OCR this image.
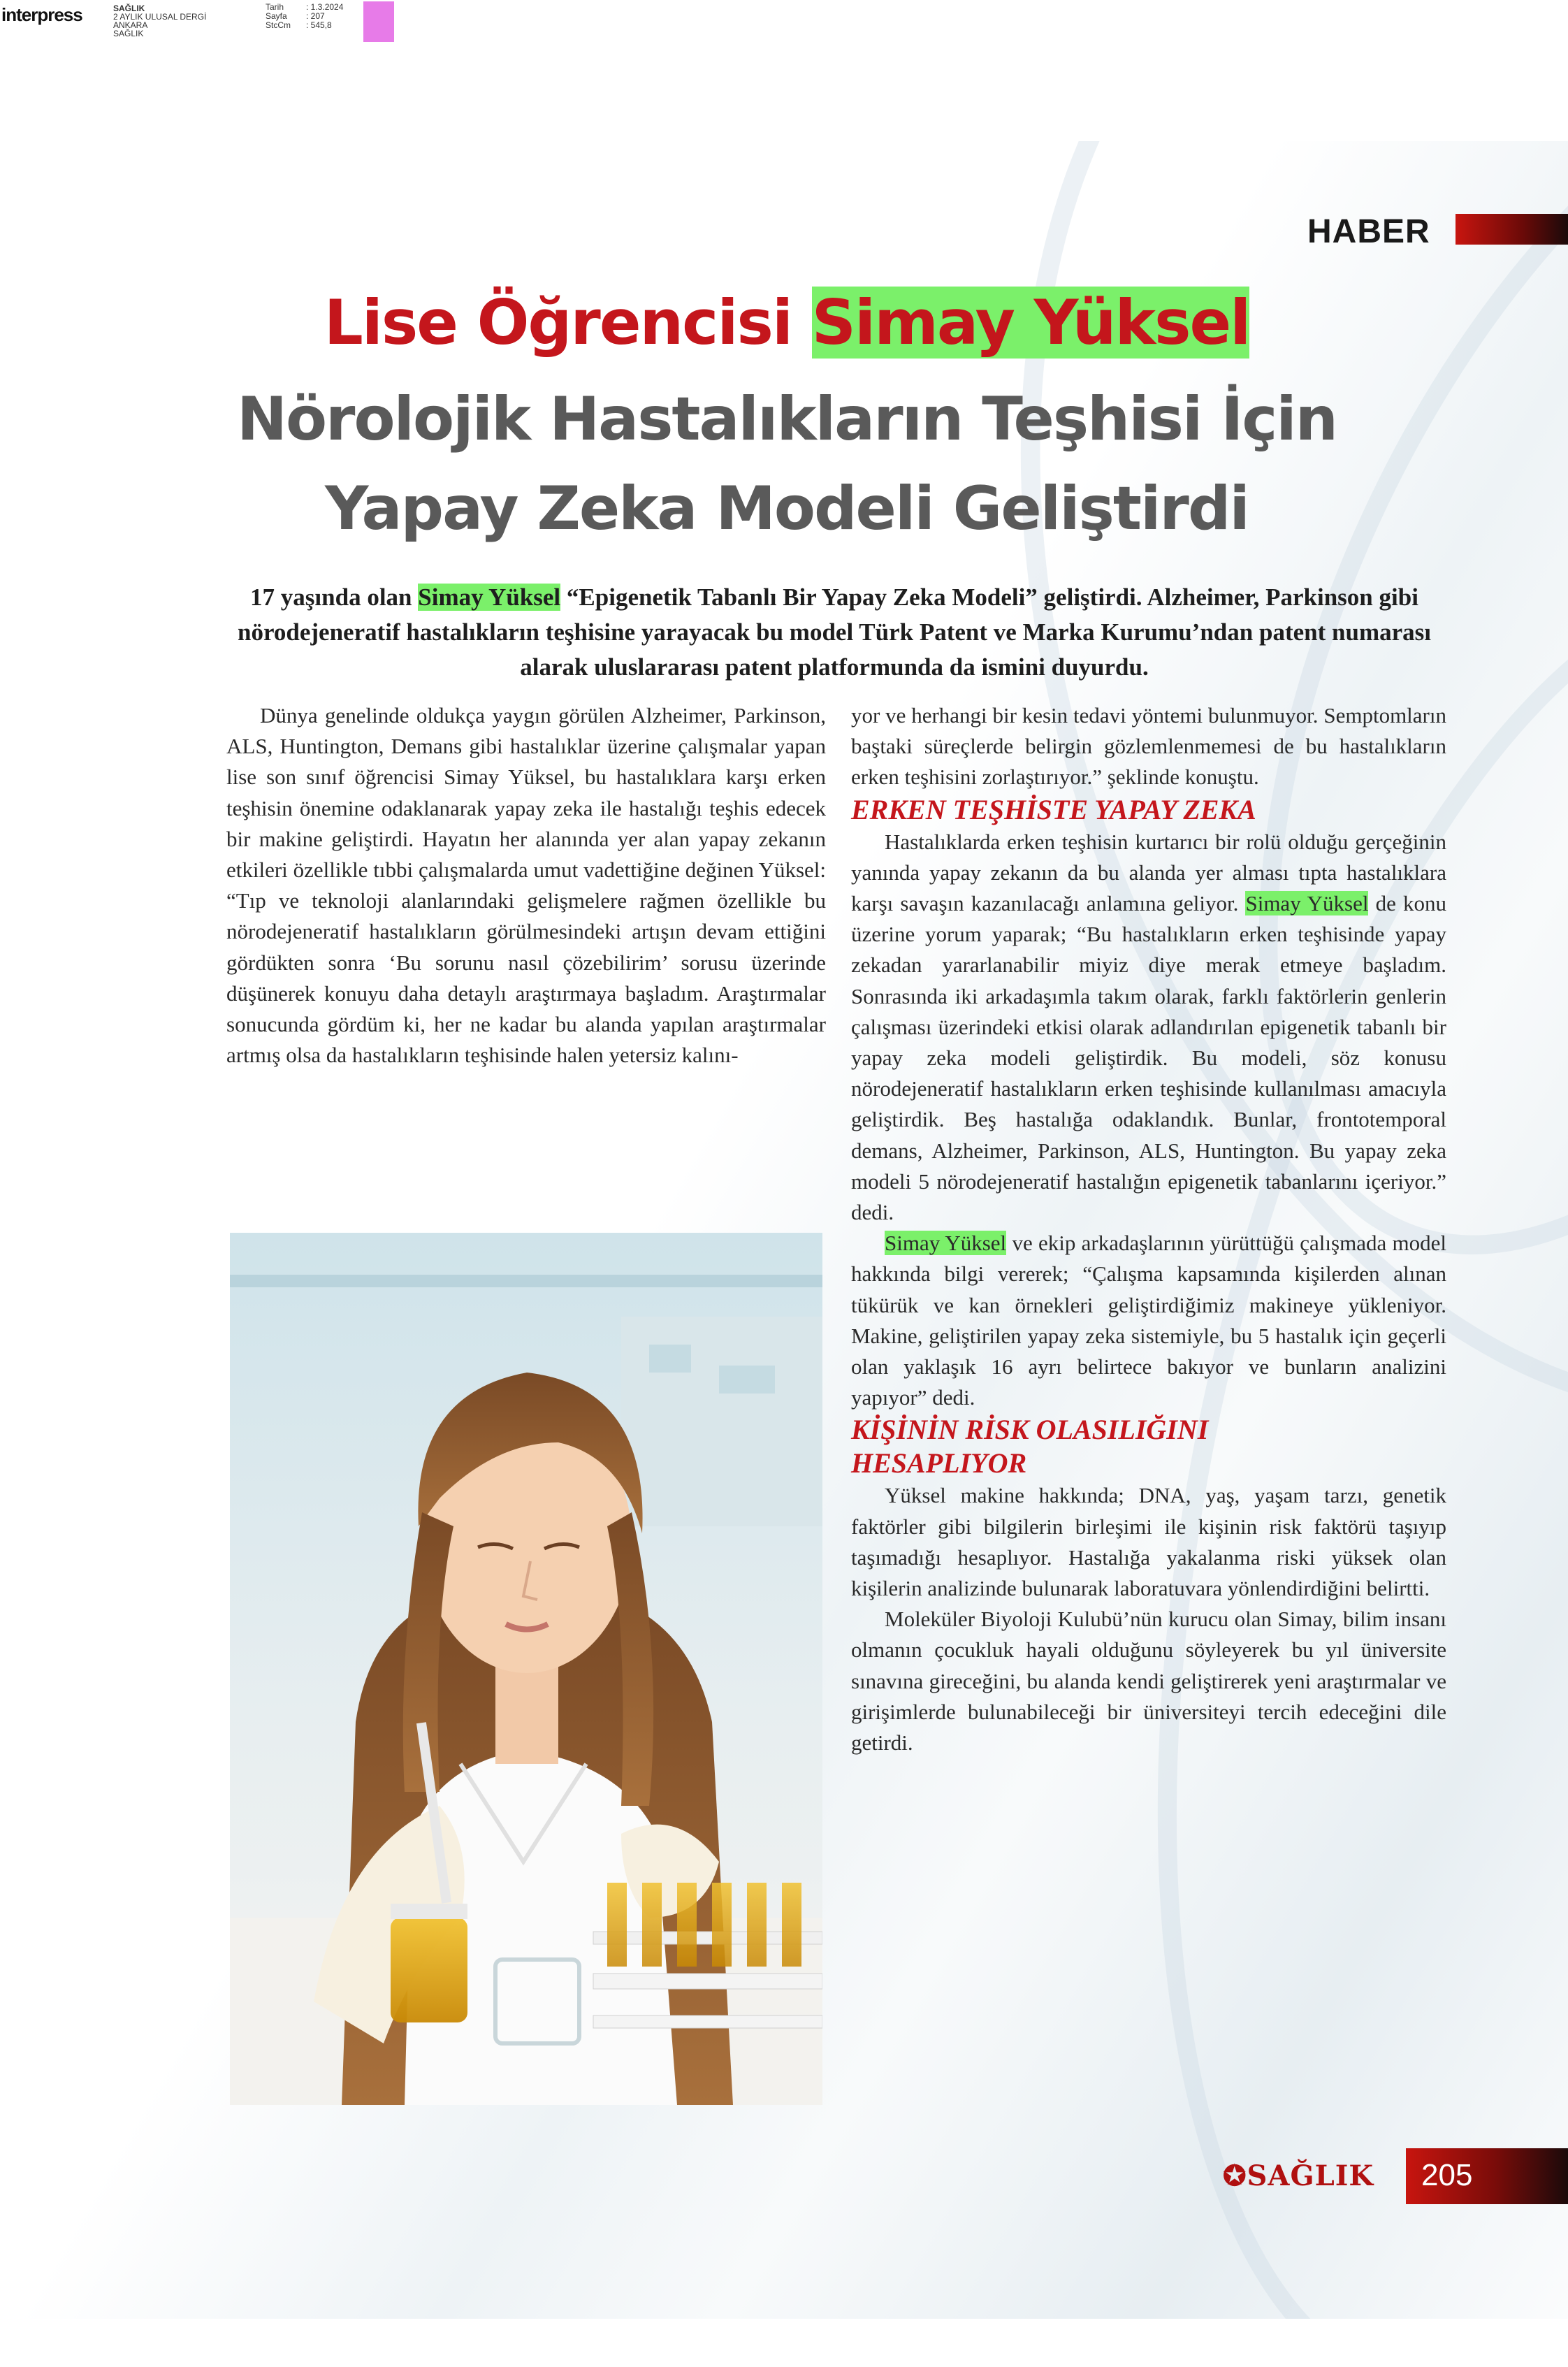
interpress	SAĞLIK
2 AYLIK ULUSAL DERGİ
ANKARA
SAĞLIK
Tarih	: 1.3.2024
Sayfa : 207
StcCm : 545,8
HABER
Lise Öğrencisi Simay Yüksel
Nörolojik Hastalıkların Teşhisi İçin
Yapay Zeka Modeli Geliştirdi
17 yaşında olan Simay Yüksel “Epigenetik Tabanlı Bir Yapay Zeka Modeli” geliştirdi. Alzheimer, Parkinson gibi nörodejeneratif hastalıkların teşhisine yarayacak bu model Türk Patent ve Marka Kurumu’ndan patent numarası alarak uluslararası patent platformunda da ismini duyurdu.

Dünya genelinde oldukça yaygın görülen Alzheimer, Parkinson, ALS, Huntington, Demans gibi hastalıklar üzerine çalışmalar yapan lise son sınıf öğrencisi Simay Yüksel, bu hastalıklara karşı erken teşhisin önemine odaklanarak yapay zeka ile hastalığı teşhis edecek bir makine geliştirdi. Hayatın her alanında yer alan yapay zekanın etkileri özellikle tıbbi çalışmalarda umut vadettiğine değinen Yüksel: “Tıp ve teknoloji alanlarındaki gelişmelere rağmen özellikle bu nörodejeneratif hastalıkların görülmesindeki artışın devam ettiğini gördükten sonra ‘Bu sorunu nasıl çözebilirim’ sorusu üzerinde düşünerek konuyu daha detaylı araştırmaya başladım. Araştırmalar sonucunda gördüm ki, her ne kadar bu alanda yapılan araştırmalar artmış olsa da hastalıkların teşhisinde halen yetersiz kalını-

yor ve herhangi bir kesin tedavi yöntemi bulunmuyor. Semptomların baştaki süreçlerde belirgin gözlemlenmemesi de bu hastalıkların erken teşhisini zorlaştırıyor.” şeklinde konuştu.

ERKEN TEŞHİSTE YAPAY ZEKA

Hastalıklarda erken teşhisin kurtarıcı bir rolü olduğu gerçeğinin yanında yapay zekanın da bu alanda yer alması tıpta hastalıklara karşı savaşın kazanılacağı anlamına geliyor. Simay Yüksel de konu üzerine yorum yaparak; “Bu hastalıkların erken teşhisinde yapay zekadan yararlanabilir miyiz diye merak etmeye başladım. Sonrasında iki arkadaşımla takım olarak, farklı faktörlerin genlerin çalışması üzerindeki etkisi olarak adlandırılan epigenetik tabanlı bir yapay zeka modeli geliştirdik. Bu modeli, söz konusu nörodejeneratif hastalıkların erken teşhisinde kullanılması amacıyla geliştirdik. Beş hastalığa odaklandık. Bunlar, frontotemporal demans, Alzheimer, Parkinson, ALS, Huntington. Bu yapay zeka modeli 5 nörodejeneratif hastalığın epigenetik tabanlarını içeriyor.” dedi.

Simay Yüksel ve ekip arkadaşlarının yürüttüğü çalışmada model hakkında bilgi vererek; “Çalışma kapsamında kişilerden alınan tükürük ve kan örnekleri geliştirdiğimiz makineye yükleniyor. Makine, geliştirilen yapay zeka sistemiyle, bu 5 hastalık için geçerli olan yaklaşık 16 ayrı belirtece bakıyor ve bunların analizini yapıyor” dedi.

KİŞİNİN RİSK OLASILIĞINI
HESAPLIYOR

Yüksel makine hakkında; DNA, yaş, yaşam tarzı, genetik faktörler gibi bilgilerin birleşimi ile kişinin risk faktörü taşıyıp taşımadığı hesaplıyor. Hastalığa yakalanma riski yüksek olan kişilerin analizinde bulunarak laboratuvara yönlendirdiğini belirtti.

Moleküler Biyoloji Kulubü’nün kurucu olan Simay, bilim insanı olmanın çocukluk hayali olduğunu söyleyerek bu yıl üniversite sınavına gireceğini, bu alanda kendi geliştirerek yeni araştırmalar ve girişimlerde bulunabileceği bir üniversiteyi tercih edeceğini dile getirdi.

✪SAĞLIK 205
